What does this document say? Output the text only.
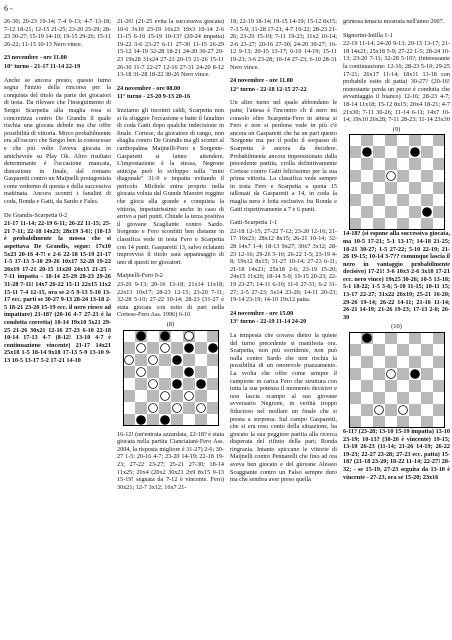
6 -

26-30; 20-23 19-14; 7-4 9-13; 4-7 13-18; 7-12 18-21; 12-15 21-25; 23-20 25-29; 28-23 30-27; 15-19 14-10; 19-15 29-26; 15-11 26-22; 11-15 10-13 Nero vince.

23 novembre - ore 11.00

10° turno - 21-17 11-14 22-19

Anche se ancora presto, questo turno segna l'inizio della rincorsa per la conquista del titolo da parte dei giocatori di testa. Da rilevare che l'inseguimento di Sergio Scarpetta alla maglia rosa si concretizza contro De Grandis il quale rischia una giocata debole ma che offre possibilità di vittoria. Mirco probabilmente era all'oscuro che Sergio ben la conoscesse e che più volte l'aveva giocata in amichevole su Play Ok. Altro risultato determinante è l'occasione mancata, distrazione in finale, dal romano Gasparetti contro un Maijnelli protagonista come vedremo di questa e della successiva mattinata. Ancora scontri i fanalini di coda, Ronda e Gatti, da Sardo e Fales.

De Grandis-Scarpetta 0-2

21-17 11-14; 22-19 6-11; 26-22 11-15; 25-21 7-11; 22-18 14x23; 28x19 3-6!; (10-13 è probabilmente la mossa che si aspettava De Grandis, segue: 17x10 5x23 20-16 4-7! e 2-6 22-18 15-19 21-17 1-5 17-13 5-10 29-26 10x17 32-28 19-22 26x19 17-21 20-15 11x20 24x15 21-25 - 7-11 impatta - 18-14 25-29 28-23 29-26 31-28 7-11! 14x7 26-22 15-11 22x15 11x2 15-11 7-4 12-15, ora se 2-5 9-13 5-10 13-17 ecc. parti se 30-27 9-13 28-24 13-18 2-5 18-21 23-20 15-19 ecc. il nero riesce ad impattare) 21-18? (20-16 4-7 27-23 è la condotta corretta) 10-14 19x10 5x21 29-25 21-26 30x21 12-16 27-23 6-10 22-18 10-14 17-13 4-7 (8-12! 13-10 4-7 è continuazione vincente) 21-17 14x21 25x18 1-5 18-14 9x18 17-13 5-9 13-10 9-13 10-5 13-17 5-2 17-21 14-10

21-26! (21-25 evita la successiva giocata) 10-6 3x10 23-19 16x23 19x3 10-14 2-6 11-15 6-10 15-19 10-13? (20-24 impatta) 19-22 3-6 23-27 6-11 27-30 11-15 26-29 15-12 14-19 32-28 18-21 24-20 30-27 20-23 19x28 31x24 27-23 20-15 21-26 15-11 26-30 11-7 22-27 12-16 27-31 24-20 8-12 13-18 31-28 18-22 30-26 Nero vince.

24 novembre - ore 08.00

11° turno - 23-20 9-13 20-16

Iniziamo gli incontri caldi, Scarpetta non si fa sfuggire l'occasione e batte il fanalino di coda Gatti dopo qualche indecisione in finale. Cortese, da giocatore di rango, non sbaglia contro De Grandis ma gli scontri al cardiopalma Maijnelli-Fero e Sorgente-Gasparetti si fanno attendere. L'impostazione è la stessa, Negrone anticipa però lo sviluppo sulla "mini diagonale" 31-9 e impatta evitando il pericolo. Michele entra proprio nella giocata voluta dal Grande Maestro reggino che gioca alla grande e conquista la vittoria, impetutrissimo anche in caso di arrivo a pari punti. Chiude la terza positiva il giovane Scagliante contro Sardo. Sorgente e Fero sconfitti ben distante in classifica vede in testa Fero e Scarpetta con 14 punti, Gasparetti 13, salvo eclatanti improvvisi il titolo sarà appannaggio di uno di questi tre giocatori.

Maijnelli-Fero 0-2

23-20 9-13; 20-16 13-18; 21x14 11x18; 22x13 10x17; 28-23 12-15; 23-20 7-11; 32-28 5-10; 27-22 10-14; 28-23 (31-27 è stata giocata con esito di pari nella Cortese-Fero Ass. 1996) 6-10

(8)

16-12! (un'entrata azzardata, 22-18? è stata giocata nella partita Cianciaiani-Fero Ass. 2004, la risposta migliore è 31-27) 2-6; 30-27 1-5; 20-16 4-7; 23-20 14-19; 22-18 19-23; 27-22 23-27; 25-21 27-30; 18-14 11x25; 20x4 (20x2 30x21 2x9 8x15 9-13 15-19! segnata da 7-12 è vincente. Fero) 30x21; 12-7 3x12; 16x7 21-

18; 22-19 18-14; 19-15 14-19; 15-12 8x15; 7-3 5-9; 31-28 17-21; 4-7 19-22; 28-23 21-26; 23-20 15-19; 7-11 19-23; 11x2 10-14; 2-6 23-27; 20-16 27-30; 24-20 30-27; 16-12 9-13; 20-15 13-17; 6-10 14-19; 15-11 19-23; 3-6 23-28; 10-14 27-23; 6-10 28-31 Nero vince.

24 novembre - ore 11.00

12° turno - 22-18 12-15 27-22

Un altro turno nel quale abbondano le patte, l'attesa è l'incontro ch il nero mi consolo oltre Scarpetta-Fero in attesa si Fero e non si perdona vede in più c'è ancora un Gasparetti che ha un pari questo 'Sorgente ma per il podio il sorpasso di Scarpetta è ancora da decidere. Probabilmente ancora impressionato dalla precedente partita, crolla definitivamente Cortese contro Gatti felicissimo per la sua prima vittoria. La classifica vede sempre in testa Fero e Scarpetta a quota 15 tallonati da Gasparetti a 14, in coda la maglia nera è lotta esclusiva fra Ronda e Gatti rispettivamente a 7 e 6 punti.

Gatti-Scarpetta 1-1

22-18 12-15; 27-22 7-12; 23-20 12-16; 21-17 16x23; 28x12 8x15; 26-21 10-14; 32-28 14x7 1-4; 18-13 9x27; 30x7 3x12; 28-23 12-16; 29-26 5-10; 26-22 1-5; 23-19 4-8; 19x12 8x15; 31-27 10-14; 27-23 6-11; 21-18 14x21; 25x18 2-6; 23-19 15-20; 24x15 11x20; 18-14 5-9; 19-15 20-23; 22-19 23-27; 14-11 6-10; 11-6 27-31; 6-2 31-27; 2-5 27-23; 5x14 23-20; 14-11 20-23; 19-14 23-19; 14-10 19x12 patta.

24 novembre - ore 15.00

13° turno - 22-19 11-14 24-20

La tempesta che covava dietro la quiete del turno precedente si manifesta ora. Scarpetta, non più sorridente, non può nulla contro Sardo che non rischia la possibilità di un onorevole piazzamento. La svolta che offre come sempre il campione in carica Fero che struttura con tutta la sua potenza il momento decisivo e non lascia scampo al suo giovane avversario Negrone, in veriità troppo fiducioso nel mollare un finale che si presta a sorpresa. Sul campo Gasparetti, che si era reso conto della situazione, ha giocato la sua peggiore partita alla ricerca disperata del rifiuto della pari; Ronda ringrazia. Intanto spiccano le vittorie di Maijnelli contro Pennarelli che fino ad ora aveva ben giocato e del giovane Alessio Scaggiante contro un Falso sempre duro ma che sembra aver preso quella

grintosa tenacia mostrata nell'anno 2007.

Signorini-Intilla 1-1

22-19 11-14; 24-20 9-13; 20-15 13-17; 21-18 14x21; 25x18 5-9; 27-22 1-5; 28-24 10-13; 23-20 7-11; 32-28 5-10?; (interessante la continuazione: 12-16; 28-23 5-10; 29-25 17-21; 26x17 11-14; 18x11 13-18 con probabile esito di patta) 30-27? (20-16! nonostante perda un pezzo è condotta che avvantaggia il bianco) 12-16; 28-23 4-7; 18-14 11x18; 15-12 8x15; 20x4 18-21; 4-7 21x30; 7-11 30-26; 11-14 6-11; 14x7 10-14; 19x10 26x28; 7-11 28-23; 11-14 23x30

(9)

14-18? (si espone alla successiva giocata, ma 10-5 17-21; 5-1 13-17; 14-18 21-25; 18-21 30-27; 1-5 27-22; 5-10 22-19; 21-26 19-15; 10-14 3-7?? comunque lascia il nero in vantaggio probabilmente decisivo) 17-21! 3-6 10x3 2-6 3x10 17-21 ecc. nero vince) 19x25 30-26; 10-5 13-18; 5-1 18-22; 1-5 3-6; 5-10 11-15; 10-11 15; 13-17 22-27; 31x22 26x19; 25-21 16-20; 29-26 19-14; 26-22 14-11; 21-16 11-14; 26-21 14-19; 21-26 19-23; 17-13 2-6; 26-30

(10)

6-11? (23-28; 13-10 15-19 impatta) 13-10 23-19; 10-13? (30-26 è vincente) 19-15; 13-10 26-23 (11-14; 21-26 14-19; 26-22 19-23; 22-27 23-28; 27-23 ecc. patta) 15-18? (21-18 23-20; 18-22 11-14; 22-27! 28-32; - se 15-19, 27-23 seguita da 13-10 è vincente - 27-23, ora se 15-20; 23x16
